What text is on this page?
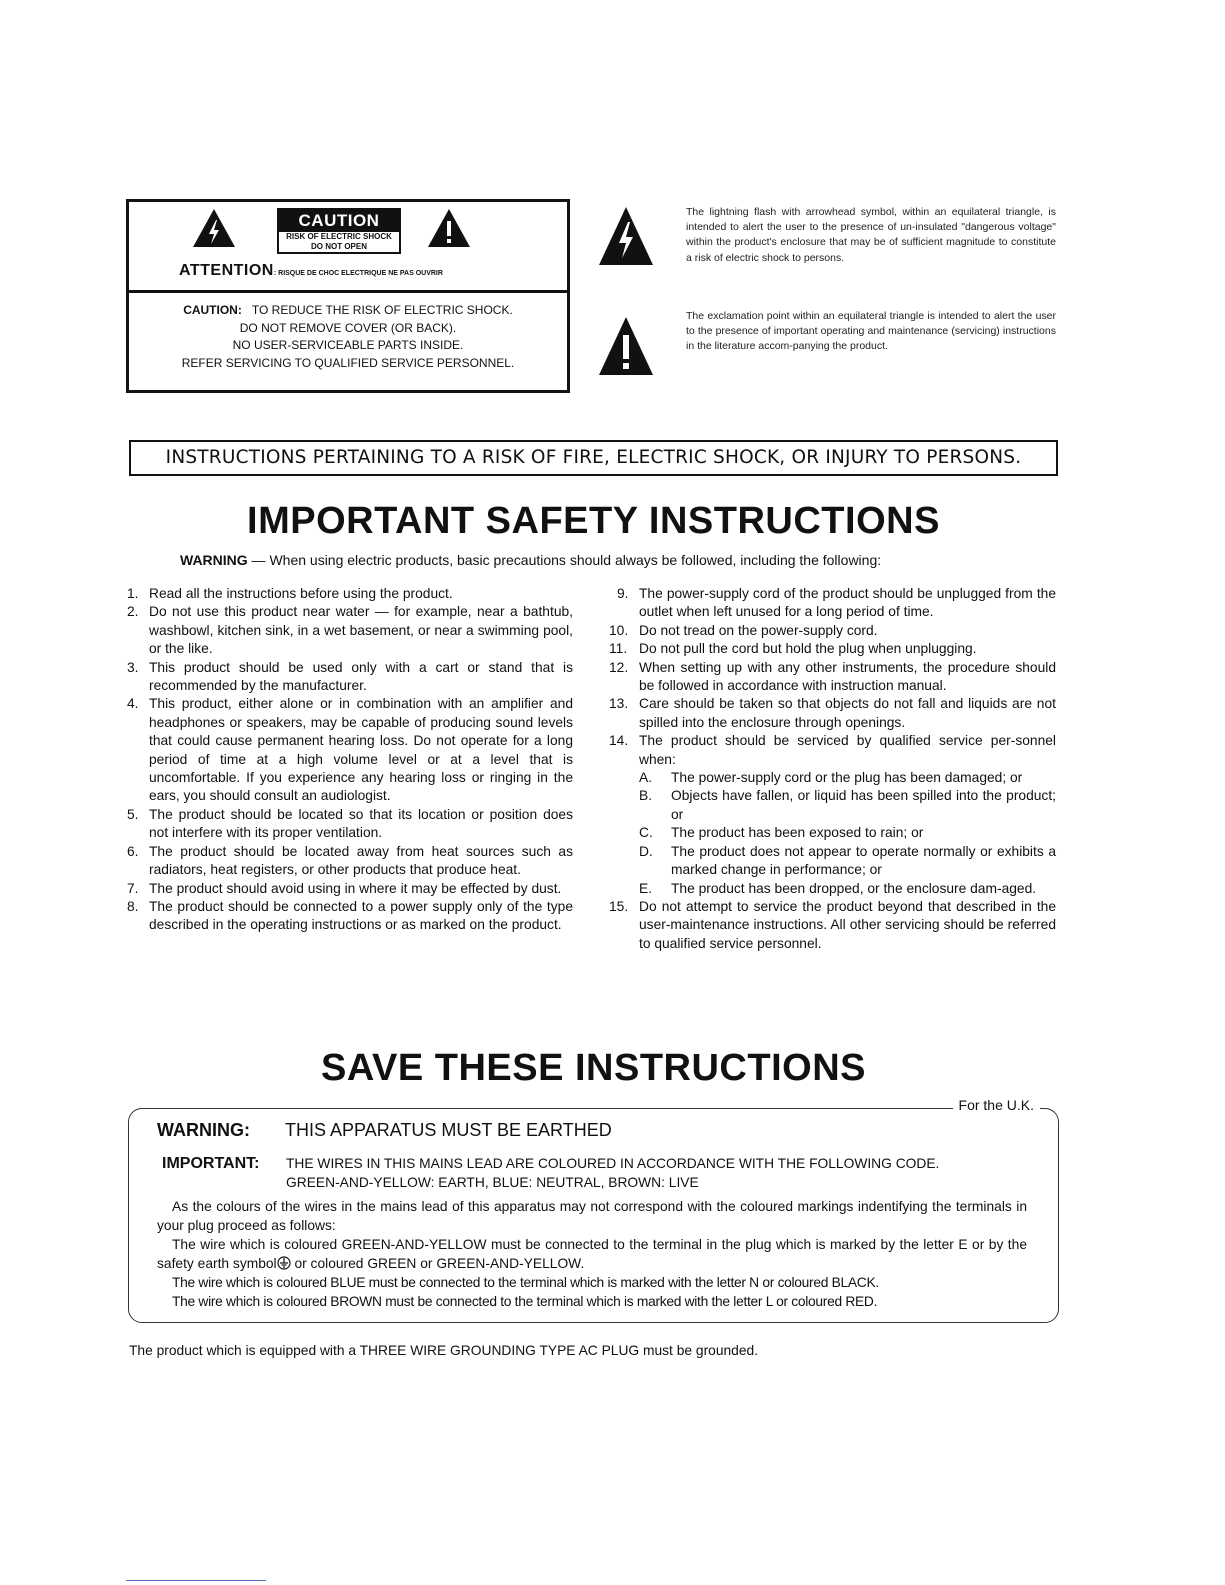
CAUTION
RISK OF ELECTRIC SHOCK
DO NOT OPEN
ATTENTION: RISQUE DE CHOC ELECTRIQUE NE PAS OUVRIR
CAUTION: TO REDUCE THE RISK OF ELECTRIC SHOCK.
DO NOT REMOVE COVER (OR BACK).
NO USER-SERVICEABLE PARTS INSIDE.
REFER SERVICING TO QUALIFIED SERVICE PERSONNEL.
The lightning flash with arrowhead symbol, within an equilateral triangle, is intended to alert the user to the presence of un-insulated "dangerous voltage" within the product's enclosure that may be of sufficient magnitude to constitute a risk of electric shock to persons.
The exclamation point within an equilateral triangle is intended to alert the user to the presence of important operating and maintenance (servicing) instructions in the literature accom-panying the product.
INSTRUCTIONS PERTAINING TO A RISK OF FIRE, ELECTRIC SHOCK, OR INJURY TO PERSONS.
IMPORTANT SAFETY INSTRUCTIONS
WARNING — When using electric products, basic precautions should always be followed, including the following:
1. Read all the instructions before using the product.
2. Do not use this product near water — for example, near a bathtub, washbowl, kitchen sink, in a wet basement, or near a swimming pool, or the like.
3. This product should be used only with a cart or stand that is recommended by the manufacturer.
4. This product, either alone or in combination with an amplifier and headphones or speakers, may be capable of producing sound levels that could cause permanent hearing loss. Do not operate for a long period of time at a high volume level or at a level that is uncomfortable. If you experience any hearing loss or ringing in the ears, you should consult an audiologist.
5. The product should be located so that its location or position does not interfere with its proper ventilation.
6. The product should be located away from heat sources such as radiators, heat registers, or other products that produce heat.
7. The product should avoid using in where it may be effected by dust.
8. The product should be connected to a power supply only of the type described in the operating instructions or as marked on the product.
9. The power-supply cord of the product should be unplugged from the outlet when left unused for a long period of time.
10. Do not tread on the power-supply cord.
11. Do not pull the cord but hold the plug when unplugging.
12. When setting up with any other instruments, the procedure should be followed in accordance with instruction manual.
13. Care should be taken so that objects do not fall and liquids are not spilled into the enclosure through openings.
14. The product should be serviced by qualified service per-sonnel when:
A. The power-supply cord or the plug has been damaged; or
B. Objects have fallen, or liquid has been spilled into the product; or
C. The product has been exposed to rain; or
D. The product does not appear to operate normally or exhibits a marked change in performance; or
E. The product has been dropped, or the enclosure dam-aged.
15. Do not attempt to service the product beyond that described in the user-maintenance instructions. All other servicing should be referred to qualified service personnel.
SAVE THESE INSTRUCTIONS
For the U.K.
WARNING: THIS APPARATUS MUST BE EARTHED
IMPORTANT: THE WIRES IN THIS MAINS LEAD ARE COLOURED IN ACCORDANCE WITH THE FOLLOWING CODE.
GREEN-AND-YELLOW: EARTH, BLUE: NEUTRAL, BROWN: LIVE
As the colours of the wires in the mains lead of this apparatus may not correspond with the coloured markings indentifying the terminals in your plug proceed as follows:
The wire which is coloured GREEN-AND-YELLOW must be connected to the terminal in the plug which is marked by the letter E or by the safety earth symbol or coloured GREEN or GREEN-AND-YELLOW.
The wire which is coloured BLUE must be connected to the terminal which is marked with the letter N or coloured BLACK.
The wire which is coloured BROWN must be connected to the terminal which is marked with the letter L or coloured RED.
The product which is equipped with a THREE WIRE GROUNDING TYPE AC PLUG must be grounded.
